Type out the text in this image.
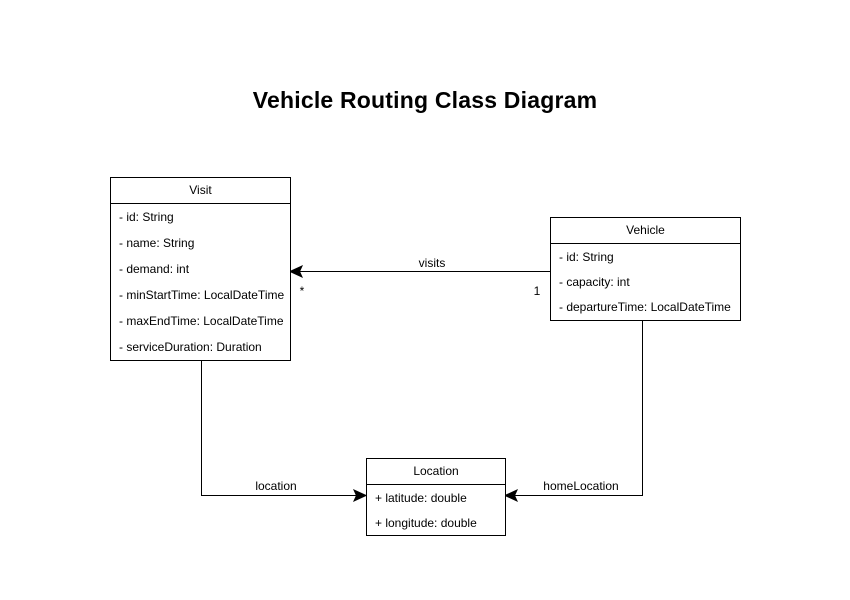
Vehicle Routing Class Diagram
visits
*	1
location	homeLocation
Visit
- id: String
- name: String
- demand: int
- minStartTime: LocalDateTime
- maxEndTime: LocalDateTime
- serviceDuration: Duration
Vehicle
- id: String
- capacity: int
- departureTime: LocalDateTime
Location
+ latitude: double
+ longitude: double
